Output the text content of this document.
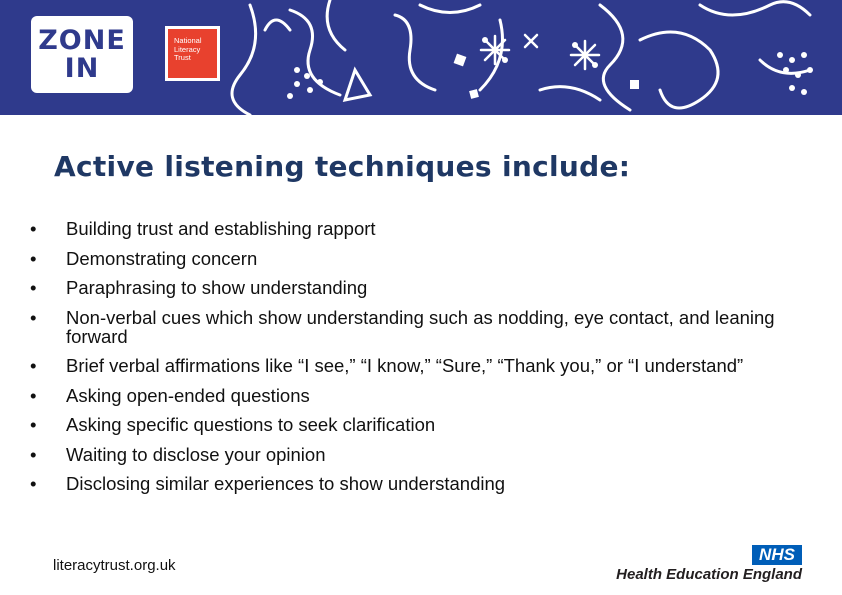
ZONE
IN
National
Literacy
Trust
Active listening techniques include:
• Building trust and establishing rapport
• Demonstrating concern
• Paraphrasing to show understanding
• Non-verbal cues which show understanding such as nodding, eye contact, and leaning forward
• Brief verbal affirmations like “I see,” “I know,” “Sure,” “Thank you,” or “I understand”
• Asking open-ended questions
• Asking specific questions to seek clarification
• Waiting to disclose your opinion
• Disclosing similar experiences to show understanding
literacytrust.org.uk
NHS
Health Education England
